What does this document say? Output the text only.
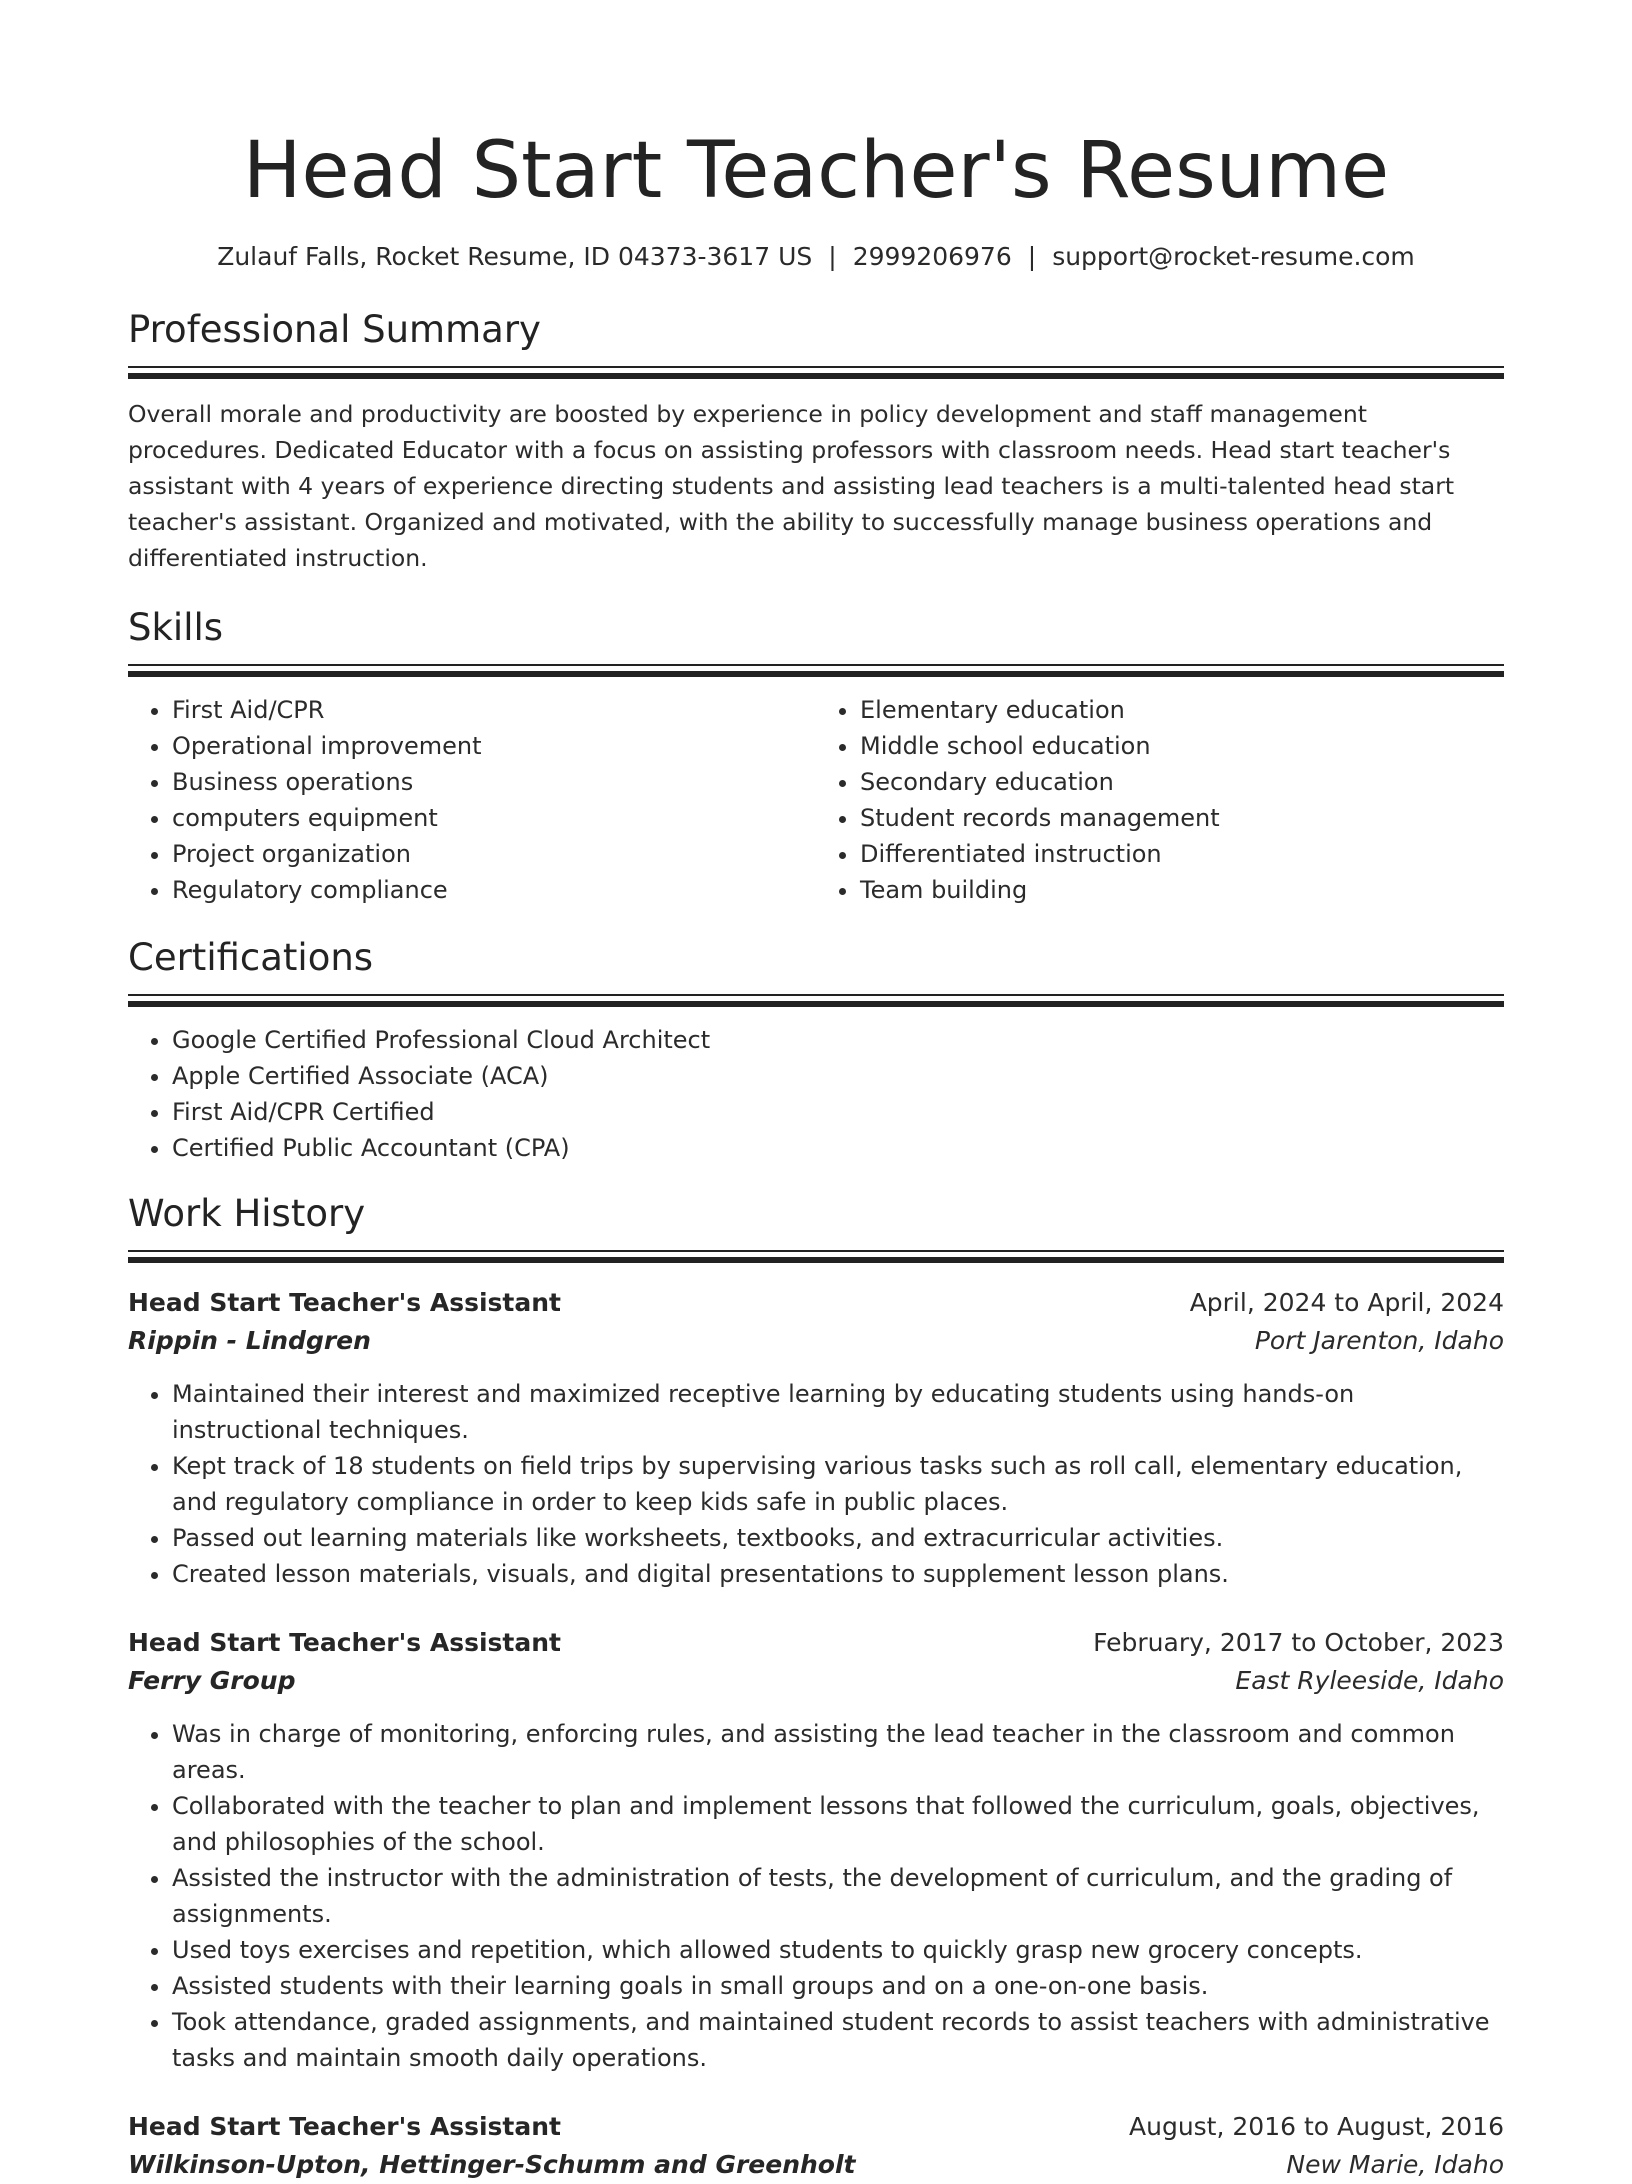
Head Start Teacher's Resume
Zulauf Falls, Rocket Resume, ID 04373-3617 US | 2999206976 | support@rocket-resume.com
Professional Summary
Overall morale and productivity are boosted by experience in policy development and staff management procedures. Dedicated Educator with a focus on assisting professors with classroom needs. Head start teacher's assistant with 4 years of experience directing students and assisting lead teachers is a multi-talented head start teacher's assistant. Organized and motivated, with the ability to successfully manage business operations and differentiated instruction.
Skills
• First Aid/CPR
• Operational improvement
• Business operations
• computers equipment
• Project organization
• Regulatory compliance
• Elementary education
• Middle school education
• Secondary education
• Student records management
• Differentiated instruction
• Team building
Certifications
• Google Certified Professional Cloud Architect
• Apple Certified Associate (ACA)
• First Aid/CPR Certified
• Certified Public Accountant (CPA)
Work History
Head Start Teacher's Assistant	April, 2024 to April, 2024
Rippin - Lindgren	Port Jarenton, Idaho
• Maintained their interest and maximized receptive learning by educating students using hands-on instructional techniques.
• Kept track of 18 students on field trips by supervising various tasks such as roll call, elementary education, and regulatory compliance in order to keep kids safe in public places.
• Passed out learning materials like worksheets, textbooks, and extracurricular activities.
• Created lesson materials, visuals, and digital presentations to supplement lesson plans.
Head Start Teacher's Assistant	February, 2017 to October, 2023
Ferry Group	East Ryleeside, Idaho
• Was in charge of monitoring, enforcing rules, and assisting the lead teacher in the classroom and common areas.
• Collaborated with the teacher to plan and implement lessons that followed the curriculum, goals, objectives, and philosophies of the school.
• Assisted the instructor with the administration of tests, the development of curriculum, and the grading of assignments.
• Used toys exercises and repetition, which allowed students to quickly grasp new grocery concepts.
• Assisted students with their learning goals in small groups and on a one-on-one basis.
• Took attendance, graded assignments, and maintained student records to assist teachers with administrative tasks and maintain smooth daily operations.
Head Start Teacher's Assistant	August, 2016 to August, 2016
Wilkinson-Upton, Hettinger-Schumm and Greenholt	New Marie, Idaho
